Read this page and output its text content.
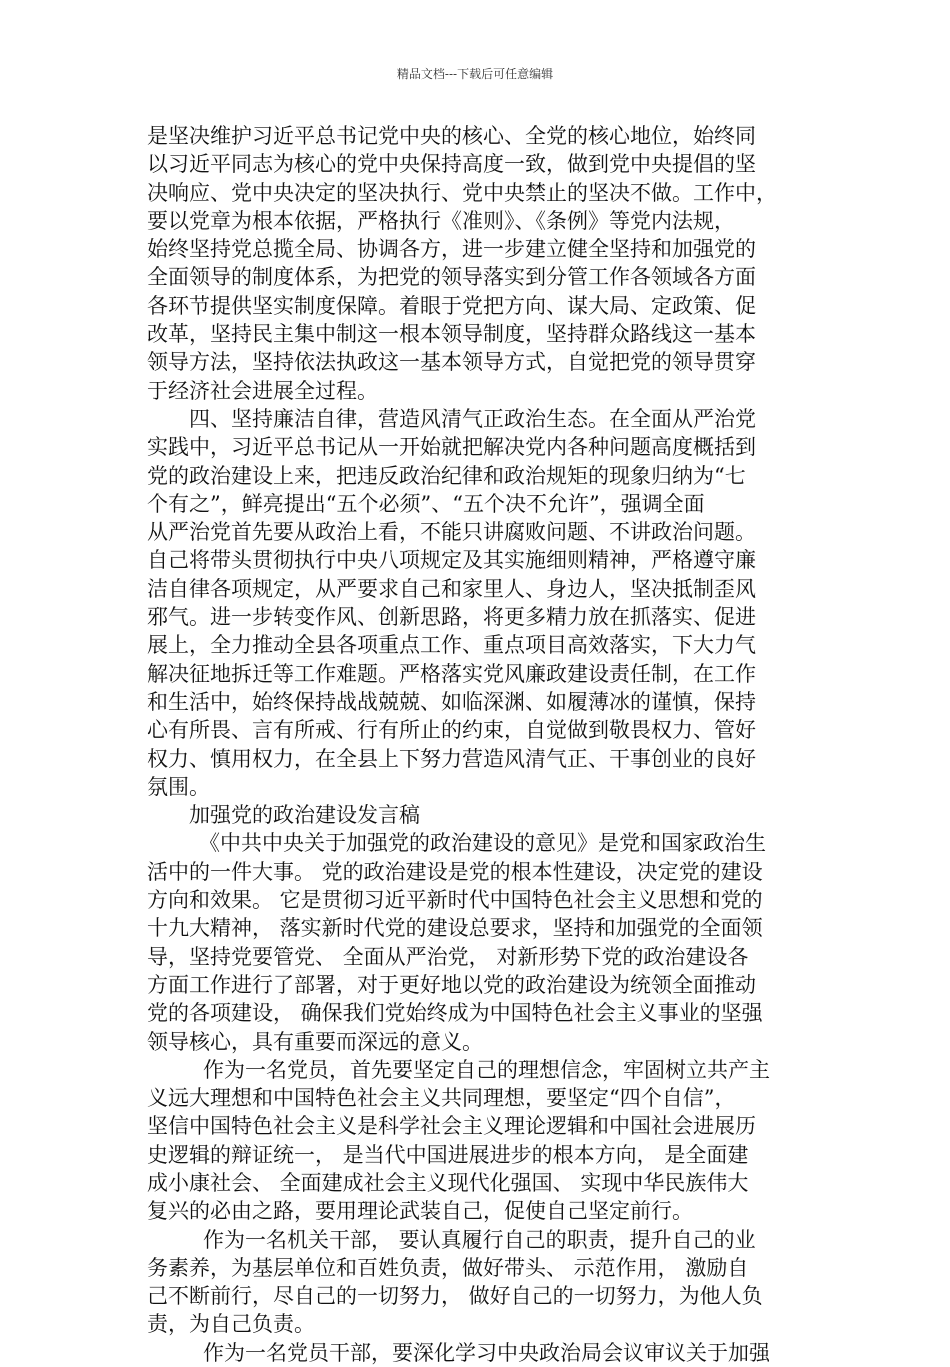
精品文档---下载后可任意编辑
是坚决维护习近平总书记党中央的核心、全党的核心地位，始终同
以习近平同志为核心的党中央保持高度一致，做到党中央提倡的坚
决响应、党中央决定的坚决执行、党中央禁止的坚决不做。工作中，
要以党章为根本依据，严格执行《准则》、《条例》等党内法规，
始终坚持党总揽全局、协调各方，进一步建立健全坚持和加强党的
全面领导的制度体系，为把党的领导落实到分管工作各领域各方面
各环节提供坚实制度保障。着眼于党把方向、谋大局、定政策、促
改革，坚持民主集中制这一根本领导制度，坚持群众路线这一基本
领导方法，坚持依法执政这一基本领导方式，自觉把党的领导贯穿
于经济社会进展全过程。
四、坚持廉洁自律，营造风清气正政治生态。在全面从严治党
实践中，习近平总书记从一开始就把解决党内各种问题高度概括到
党的政治建设上来，把违反政治纪律和政治规矩的现象归纳为“七
个有之”，鲜亮提出“五个必须”、“五个决不允许”，强调全面
从严治党首先要从政治上看，不能只讲腐败问题、不讲政治问题。
自己将带头贯彻执行中央八项规定及其实施细则精神，严格遵守廉
洁自律各项规定，从严要求自己和家里人、身边人，坚决抵制歪风
邪气。进一步转变作风、创新思路，将更多精力放在抓落实、促进
展上，全力推动全县各项重点工作、重点项目高效落实，下大力气
解决征地拆迁等工作难题。严格落实党风廉政建设责任制，在工作
和生活中，始终保持战战兢兢、如临深渊、如履薄冰的谨慎，保持
心有所畏、言有所戒、行有所止的约束，自觉做到敬畏权力、管好
权力、慎用权力，在全县上下努力营造风清气正、干事创业的良好
氛围。
加强党的政治建设发言稿
《中共中央关于加强党的政治建设的意见》是党和国家政治生
活中的一件大事。 党的政治建设是党的根本性建设，决定党的建设
方向和效果。 它是贯彻习近平新时代中国特色社会主义思想和党的
十九大精神， 落实新时代党的建设总要求，坚持和加强党的全面领
导，坚持党要管党、 全面从严治党， 对新形势下党的政治建设各
方面工作进行了部署，对于更好地以党的政治建设为统领全面推动
党的各项建设， 确保我们党始终成为中国特色社会主义事业的坚强
领导核心，具有重要而深远的意义。
作为一名党员，首先要坚定自己的理想信念，牢固树立共产主
义远大理想和中国特色社会主义共同理想，要坚定“四个自信”，
坚信中国特色社会主义是科学社会主义理论逻辑和中国社会进展历
史逻辑的辩证统一， 是当代中国进展进步的根本方向， 是全面建
成小康社会、 全面建成社会主义现代化强国、 实现中华民族伟大
复兴的必由之路，要用理论武装自己，促使自己坚定前行。
作为一名机关干部， 要认真履行自己的职责，提升自己的业
务素养，为基层单位和百姓负责，做好带头、 示范作用， 激励自
己不断前行，尽自己的一切努力， 做好自己的一切努力，为他人负
责，为自己负责。
作为一名党员干部，要深化学习中央政治局会议审议关于加强
